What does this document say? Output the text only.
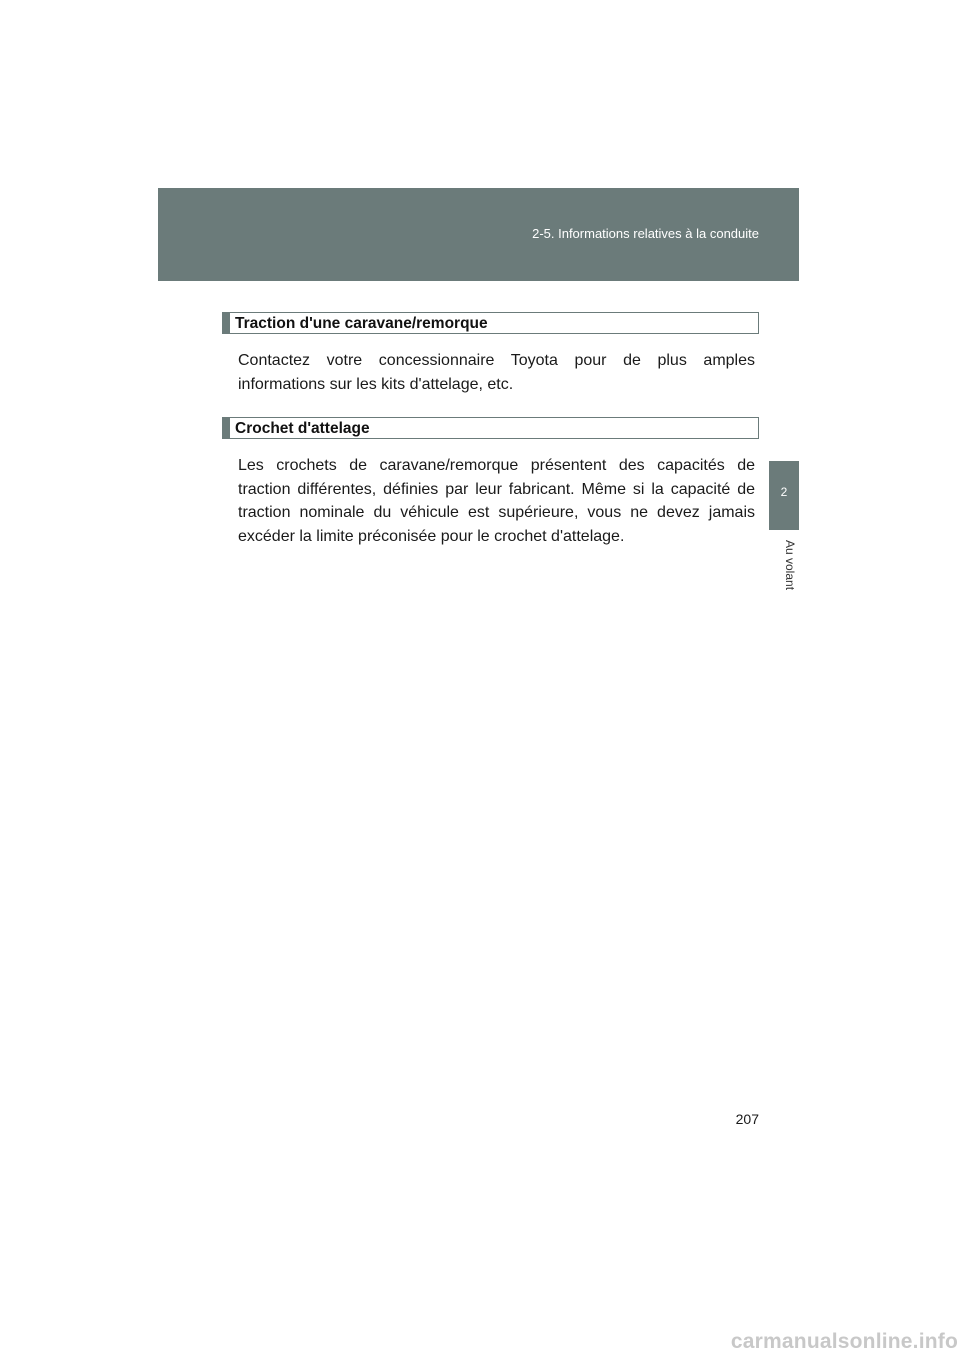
2-5. Informations relatives à la conduite
2
Au volant
Traction d'une caravane/remorque

Contactez votre concessionnaire Toyota pour de plus amples informations sur les kits d'attelage, etc.

Crochet d'attelage

Les crochets de caravane/remorque présentent des capacités de traction différentes, définies par leur fabricant. Même si la capacité de traction nominale du véhicule est supérieure, vous ne devez jamais excéder la limite préconisée pour le crochet d'attelage.

207
carmanualsonline.info
